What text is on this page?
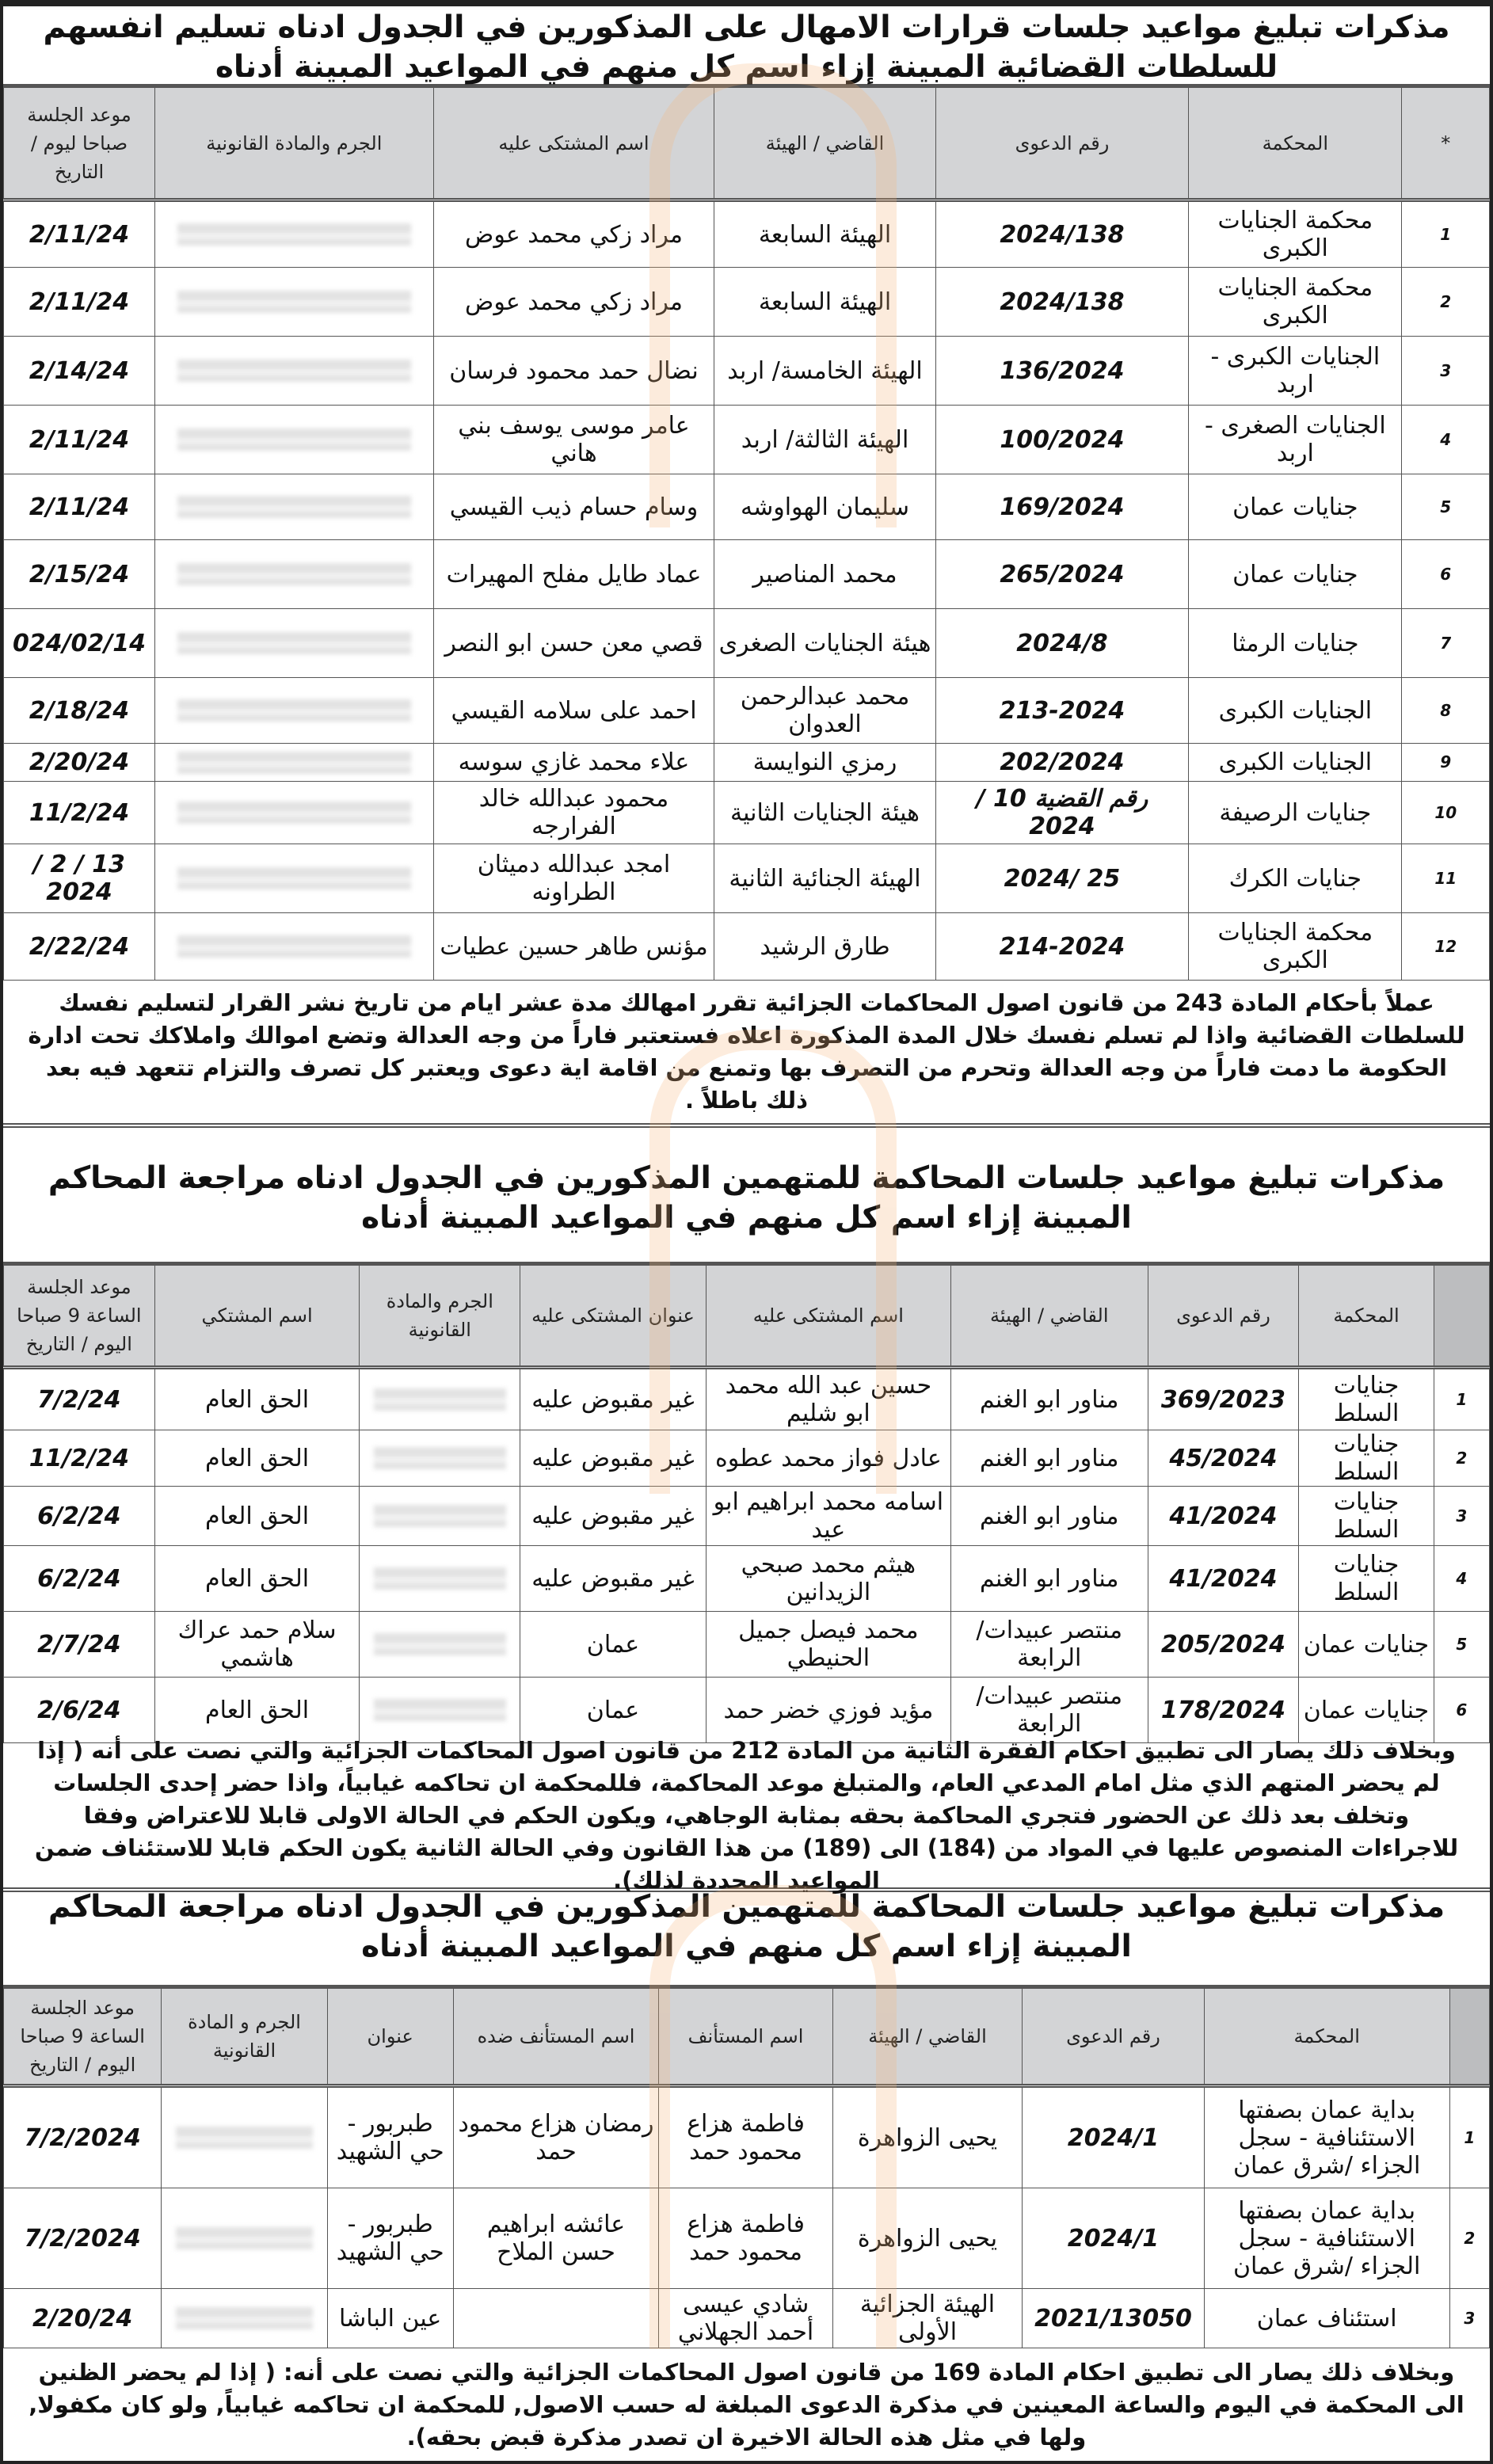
مذكرات تبليغ مواعيد جلسات قرارات الامهال على المذكورين في الجدول ادناه تسليم انفسهم للسلطات القضائية المبينة إزاء اسم كل منهم في المواعيد المبينة أدناه
*	المحكمة	رقم الدعوى	القاضي / الهيئة	اسم المشتكى عليه	الجرم والمادة القانونية	موعد الجلسة صباحا ليوم / التاريخ
1	محكمة الجنايات الكبرى	2024/138	الهيئة السابعة	مراد زكي محمد عوض		2/11/24
2	محكمة الجنايات الكبرى	2024/138	الهيئة السابعة	مراد زكي محمد عوض		2/11/24
3	الجنايات الكبرى - اربد	136/2024	الهيئة الخامسة/ اربد	نضال حمد محمود فرسان		2/14/24
4	الجنايات الصغرى - اربد	100/2024	الهيئة الثالثة/ اربد	عامر موسى يوسف بني هاني		2/11/24
5	جنايات عمان	169/2024	سليمان الهواوشه	وسام حسام ذيب القيسي		2/11/24
6	جنايات عمان	265/2024	محمد المناصير	عماد طايل مفلح المهيرات		2/15/24
7	جنايات الرمثا	2024/8	هيئة الجنايات الصغرى	قصي معن حسن ابو النصر		024/02/14
8	الجنايات الكبرى	213-2024	محمد عبدالرحمن العدوان	احمد على سلامه القيسي		2/18/24
9	الجنايات الكبرى	202/2024	رمزي النوايسة	علاء محمد غازي سوسه		2/20/24
10	جنايات الرصيفة	رقم القضية 10 / 2024	هيئة الجنايات الثانية	محمود عبدالله خالد الفرارجه		11/2/24
11	جنايات الكرك	25 /2024	الهيئة الجنائية الثانية	امجد عبدالله دميثان الطراونه		13 / 2 / 2024
12	محكمة الجنايات الكبرى	214-2024	طارق الرشيد	مؤنس طاهر حسين عطيات		2/22/24
عملاً بأحكام المادة 243 من قانون اصول المحاكمات الجزائية تقرر امهالك مدة عشر ايام من تاريخ نشر القرار لتسليم نفسك للسلطات القضائية واذا لم تسلم نفسك خلال المدة المذكورة اعلاه فستعتبر فاراً من وجه العدالة وتضع اموالك واملاكك تحت ادارة الحكومة ما دمت فاراً من وجه العدالة وتحرم من التصرف بها وتمنع من اقامة اية دعوى ويعتبر كل تصرف والتزام تتعهد فيه بعد ذلك باطلاً .
مذكرات تبليغ مواعيد جلسات المحاكمة للمتهمين المذكورين في الجدول ادناه مراجعة المحاكم المبينة إزاء اسم كل منهم في المواعيد المبينة أدناه
	المحكمة	رقم الدعوى	القاضي / الهيئة	اسم المشتكى عليه	عنوان المشتكى عليه	الجرم والمادة القانونية	اسم المشتكي	موعد الجلسة الساعة 9 صباحا اليوم / التاريخ
1	جنايات السلط	369/2023	مناور ابو الغنم	حسين عبد الله محمد ابو شليم	غير مقبوض عليه		الحق العام	7/2/24
2	جنايات السلط	45/2024	مناور ابو الغنم	عادل فواز محمد عطوه	غير مقبوض عليه		الحق العام	11/2/24
3	جنايات السلط	41/2024	مناور ابو الغنم	اسامه محمد ابراهيم ابو عيد	غير مقبوض عليه		الحق العام	6/2/24
4	جنايات السلط	41/2024	مناور ابو الغنم	هيثم محمد صبحي الزيدانين	غير مقبوض عليه		الحق العام	6/2/24
5	جنايات عمان	205/2024	منتصر عبيدات/ الرابعة	محمد فيصل جميل الحنيطي	عمان		سلام حمد عراك هاشمي	2/7/24
6	جنايات عمان	178/2024	منتصر عبيدات/ الرابعة	مؤيد فوزي خضر حمد	عمان		الحق العام	2/6/24
وبخلاف ذلك يصار الى تطبيق احكام الفقرة الثانية من المادة 212 من قانون اصول المحاكمات الجزائية والتي نصت على أنه ( إذا لم يحضر المتهم الذي مثل امام المدعي العام، والمتبلغ موعد المحاكمة، فللمحكمة ان تحاكمه غيابياً، واذا حضر إحدى الجلسات وتخلف بعد ذلك عن الحضور فتجري المحاكمة بحقه بمثابة الوجاهي، ويكون الحكم في الحالة الاولى قابلا للاعتراض وفقا للاجراءات المنصوص عليها في المواد من (184) الى (189) من هذا القانون وفي الحالة الثانية يكون الحكم قابلا للاستئناف ضمن المواعيد المحددة لذلك).
مذكرات تبليغ مواعيد جلسات المحاكمة للمتهمين المذكورين في الجدول ادناه مراجعة المحاكم المبينة إزاء اسم كل منهم في المواعيد المبينة أدناه
	المحكمة	رقم الدعوى	القاضي / الهيئة	اسم المستأنف	اسم المستأنف ضده	عنوان	الجرم و المادة القانونية	موعد الجلسة الساعة 9 صباحا اليوم / التاريخ
1	بداية عمان بصفتها الاستئنافية - سجل الجزاء /شرق عمان	2024/1	يحيى الزواهرة	فاطمة هزاع محمود حمد	رمضان هزاع محمود حمد	طبربور - حي الشهيد		7/2/2024
2	بداية عمان بصفتها الاستئنافية - سجل الجزاء /شرق عمان	2024/1	يحيى الزواهرة	فاطمة هزاع محمود حمد	عائشه ابراهيم حسن الملاح	طبربور - حي الشهيد		7/2/2024
3	استئناف عمان	2021/13050	الهيئة الجزائية الأولى	شادي عيسى أحمد الجهلاني		عين الباشا		2/20/24
وبخلاف ذلك يصار الى تطبيق احكام المادة 169 من قانون اصول المحاكمات الجزائية والتي نصت على أنه: ( إذا لم يحضر الظنين الى المحكمة في اليوم والساعة المعينين في مذكرة الدعوى المبلغة له حسب الاصول, للمحكمة ان تحاكمه غيابياً, ولو كان مكفولا, ولها في مثل هذه الحالة الاخيرة ان تصدر مذكرة قبض بحقه).
